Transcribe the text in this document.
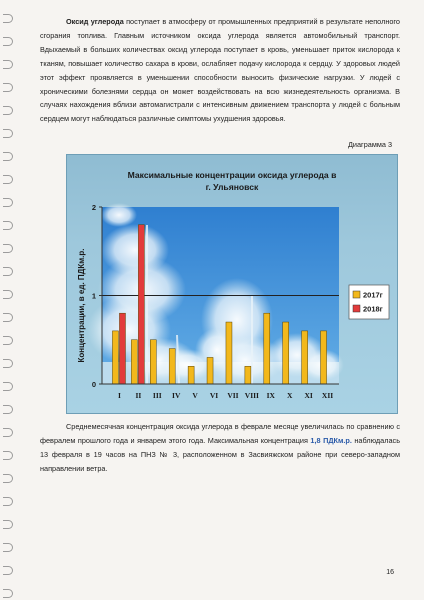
Оксид углерода поступает в атмосферу от промышленных предприятий в результате неполного сгорания топлива. Главным источником оксида углерода является автомобильный транспорт. Вдыхаемый в больших количествах оксид углерода поступает в кровь, уменьшает приток кислорода к тканям, повышает количество сахара в крови, ослабляет подачу кислорода к сердцу. У здоровых людей этот эффект проявляется в уменьшении способности выносить физические нагрузки. У людей с хроническими болезнями сердца он может воздействовать на всю жизнедеятельность организма. В случаях нахождения вблизи автомагистрали с интенсивным движением транспорта у людей с больным сердцем могут наблюдаться различные симптомы ухудшения здоровья.

Диаграмма 3

0
1
2
I II III IV V VI VII VIII IX X XI XII
Максимальные концентрации оксида углерода в
г. Ульяновск
Концентрации, в ед. ПДКм.р.	2017г
2018г

Среднемесячная концентрация оксида углерода в феврале месяце увеличилась по сравнению с февралем прошлого года и январем этого года. Максимальная концентрация 1,8 ПДКм.р. наблюдалась 13 февраля в 19 часов на ПНЗ № 3, расположенном в Засвияжском районе при северо-западном направлении ветра.

16
